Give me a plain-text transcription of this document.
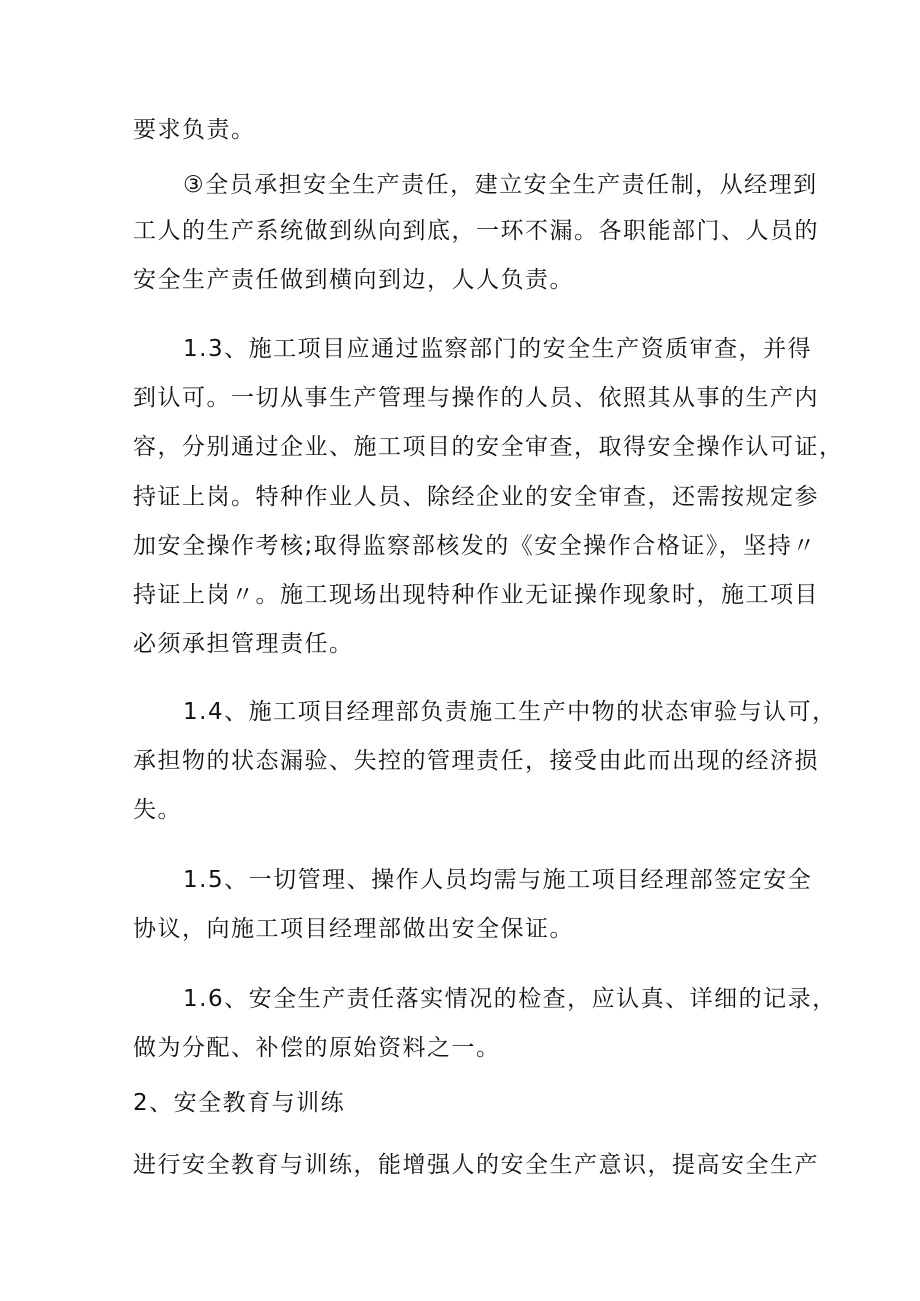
要求负责。
③全员承担安全生产责任，建立安全生产责任制，从经理到
工人的生产系统做到纵向到底，一环不漏。各职能部门、人员的
安全生产责任做到横向到边，人人负责。
1.3、施工项目应通过监察部门的安全生产资质审查，并得
到认可。一切从事生产管理与操作的人员、依照其从事的生产内
容，分别通过企业、施工项目的安全审查，取得安全操作认可证，
持证上岗。特种作业人员、除经企业的安全审查，还需按规定参
加安全操作考核;取得监察部核发的《安全操作合格证》，坚持〃
持证上岗〃。施工现场出现特种作业无证操作现象时，施工项目
必须承担管理责任。
1.4、施工项目经理部负责施工生产中物的状态审验与认可，
承担物的状态漏验、失控的管理责任，接受由此而出现的经济损
失。
1.5、一切管理、操作人员均需与施工项目经理部签定安全
协议，向施工项目经理部做出安全保证。
1.6、安全生产责任落实情况的检查，应认真、详细的记录，
做为分配、补偿的原始资料之一。
2、安全教育与训练
进行安全教育与训练，能增强人的安全生产意识，提高安全生产
